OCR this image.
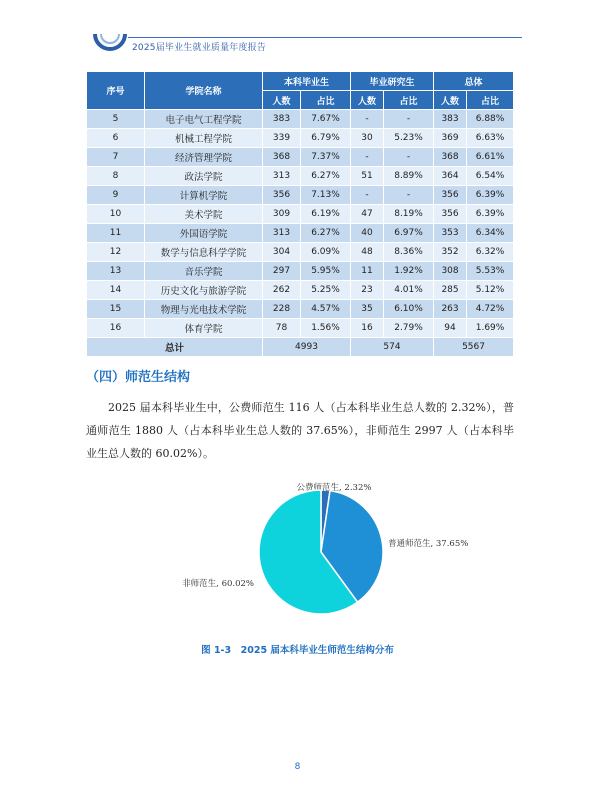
2025届毕业生就业质量年度报告
序号	学院名称	本科毕业生		毕业研究生		总体	
		人数	占比	人数	占比	人数	占比
5	电子电气工程学院	383	7.67%	-	-	383	6.88%
6	机械工程学院	339	6.79%	30	5.23%	369	6.63%
7	经济管理学院	368	7.37%	-	-	368	6.61%
8	政法学院	313	6.27%	51	8.89%	364	6.54%
9	计算机学院	356	7.13%	-	-	356	6.39%
10	美术学院	309	6.19%	47	8.19%	356	6.39%
11	外国语学院	313	6.27%	40	6.97%	353	6.34%
12	数学与信息科学学院	304	6.09%	48	8.36%	352	6.32%
13	音乐学院	297	5.95%	11	1.92%	308	5.53%
14	历史文化与旅游学院	262	5.25%	23	4.01%	285	5.12%
15	物理与光电技术学院	228	4.57%	35	6.10%	263	4.72%
16	体育学院	78	1.56%	16	2.79%	94	1.69%
总计		4993		574		5567	
（四）师范生结构
2025 届本科毕业生中，公费师范生 116 人（占本科毕业生总人数的 2.32%），普通师范生 1880 人（占本科毕业生总人数的 37.65%），非师范生 2997 人（占本科毕业生总人数的 60.02%）。
公费师范生, 2.32%
普通师范生, 37.65%
非师范生, 60.02%
图 1-3　2025 届本科毕业生师范生结构分布
8
